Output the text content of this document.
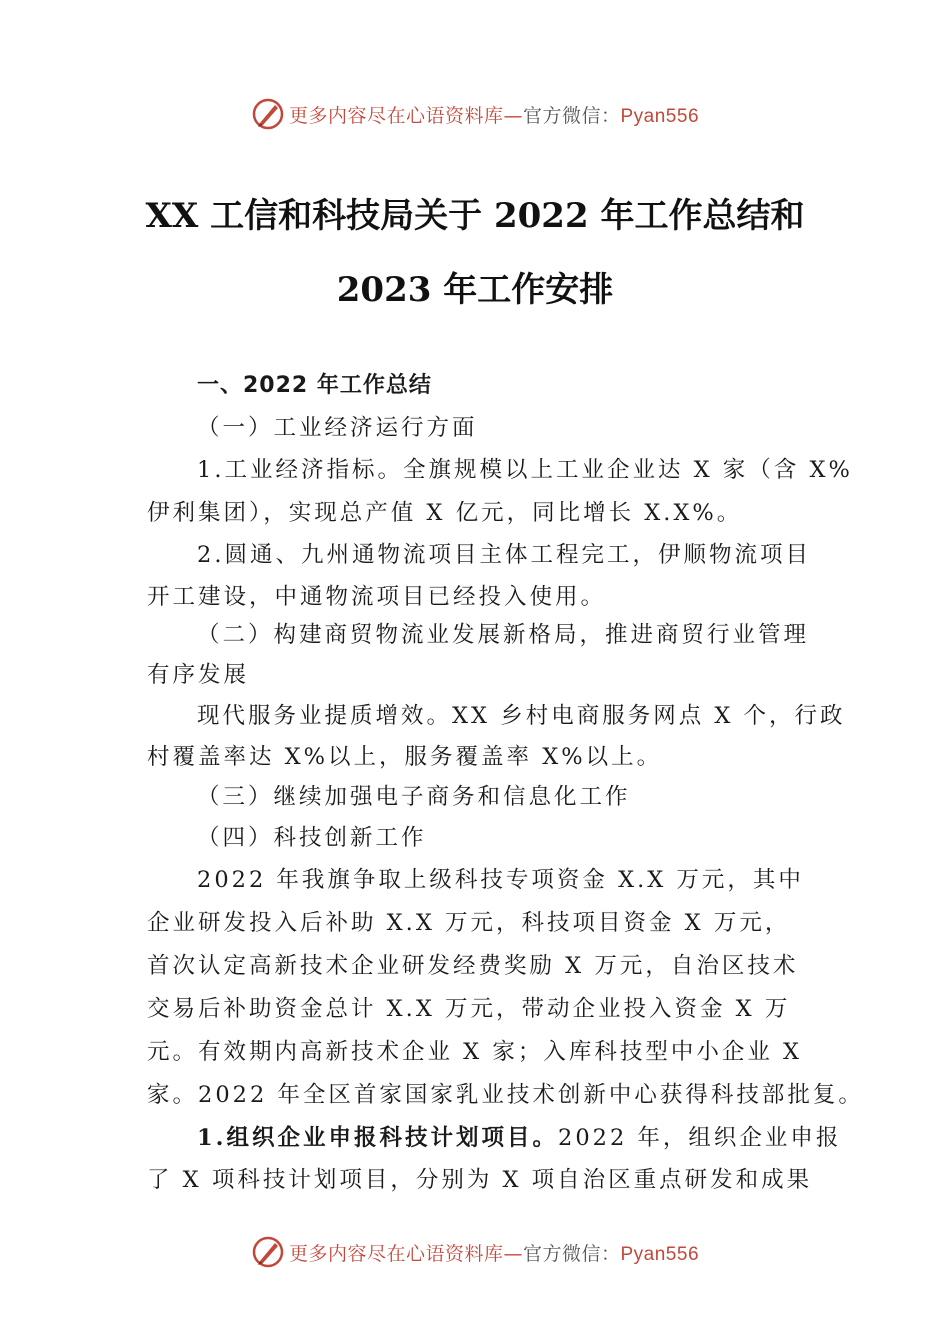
更多内容尽在心语资料库—官方微信：Pyan556
XX 工信和科技局关于 2022 年工作总结和
2023 年工作安排
一、2022 年工作总结
（一）工业经济运行方面
1.工业经济指标。全旗规模以上工业企业达 X 家（含 X%
伊利集团），实现总产值 X 亿元，同比增长 X.X%。
2.圆通、九州通物流项目主体工程完工，伊顺物流项目
开工建设，中通物流项目已经投入使用。
（二）构建商贸物流业发展新格局，推进商贸行业管理
有序发展
现代服务业提质增效。XX 乡村电商服务网点 X 个，行政
村覆盖率达 X%以上，服务覆盖率 X%以上。
（三）继续加强电子商务和信息化工作
（四）科技创新工作
2022 年我旗争取上级科技专项资金 X.X 万元，其中
企业研发投入后补助 X.X 万元，科技项目资金 X 万元，
首次认定高新技术企业研发经费奖励 X 万元，自治区技术
交易后补助资金总计 X.X 万元，带动企业投入资金 X 万
元。有效期内高新技术企业 X 家；入库科技型中小企业 X
家。2022 年全区首家国家乳业技术创新中心获得科技部批复。
1.组织企业申报科技计划项目。2022 年，组织企业申报
了 X 项科技计划项目，分别为 X 项自治区重点研发和成果
更多内容尽在心语资料库—官方微信：Pyan556
